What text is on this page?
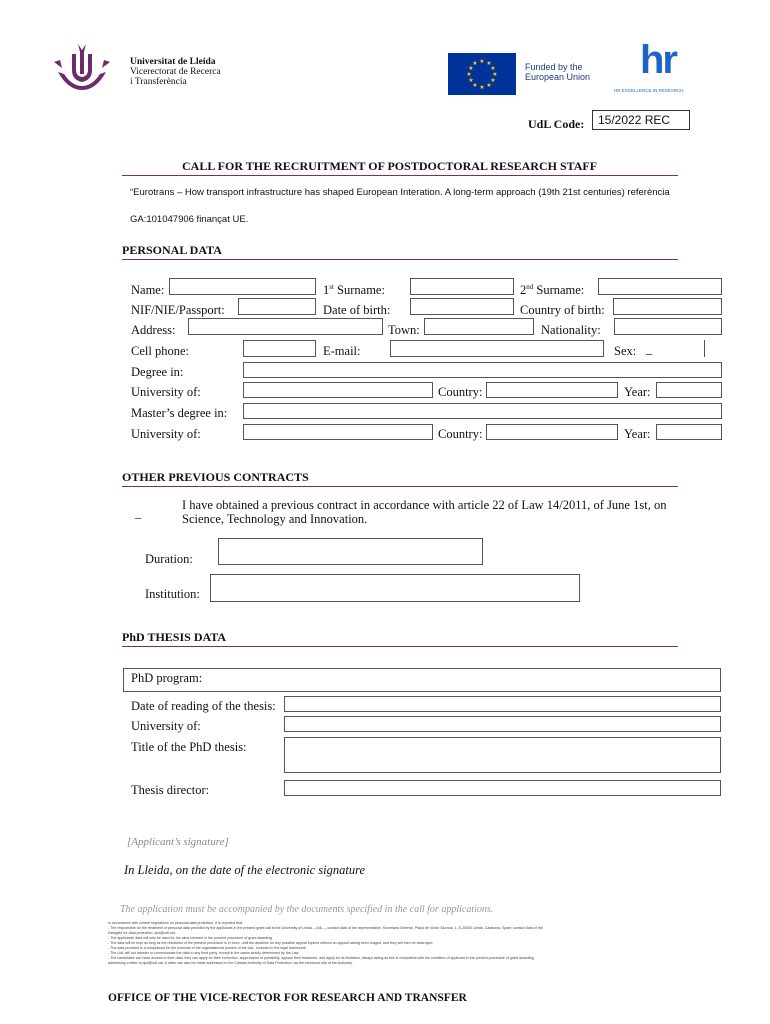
Universitat de Lleida
Vicerectorat de Recerca
i Transferència
★ ★
★
★
★
★
★
★
★
★
★
★	Funded by the
European Union hr
HR EXCELLENCE IN RESEARCH
UdL Code:	15/2022 REC
CALL FOR THE RECRUITMENT OF POSTDOCTORAL RESEARCH STAFF
“Eurotrans – How transport infrastructure has shaped European Interation. A long-term approach (19th 21st centuries) referència
GA:101047906 finançat UE.
PERSONAL DATA
Name:	1st Surname:	2nd Surname:
NIF/NIE/Passport:	Date of birth:	Country of birth:
Address:	Town:	Nationality:
Cell phone:	E-mail:	Sex: _
Degree in:
University of:	Country:	Year:
Master’s degree in:
University of:	Country:	Year:
OTHER PREVIOUS CONTRACTS
_
I have obtained a previous contract in accordance with article 22 of Law 14/2011, of June 1st, on
Science, Technology and Innovation.
Duration:
Institution:
PhD THESIS DATA
PhD program:
Date of reading of the thesis:
University of:
Title of the PhD thesis:
Thesis director:
[Applicant’s signature]
In Lleida, on the date of the electronic signature
The application must be accompanied by the documents specified in the call for applications.
In accordance with current regulations on personal data protection, it is reported that:
- The responsible for the treatment of personal data provided by the applicants in the present grant call is the University of Lleida – UdL –, contact data of the representative: Secretaria General, Plaça de Víctor Siurana, 1, E-25003 Lleida, Catalonia, Spain; contact data of the
Delegate for data protection: dpd@udl.cat.
- The applicants' data will only be used for the aims inherent in the present procedure of grant awarding.
- The data will be kept as long as the resolution of the present procedure is in force, until the deadline for any possible appeal expires without an appeal having been lodged, and they will then be destroyed.
- The data provided is a compulsory for the exercise of the organisational powers of the UdL, included in the legal framework.
- The UdL will not transfer or communicate the data to any third party, except in the cases strictly determined by the Law.
- The candidates can have access to their data; they can apply for their correction, suppression or portability, oppose their treatment, and apply for its limitation, always acting as this is compatible with the condition of applicant in the present procedure of grant awarding,
addressing a letter to dpd@udl.cat. A claim can also be made addressed to the Catalan Authority of Data Protection, via the electronic site of the Authority.
OFFICE OF THE VICE-RECTOR FOR RESEARCH AND TRANSFER
